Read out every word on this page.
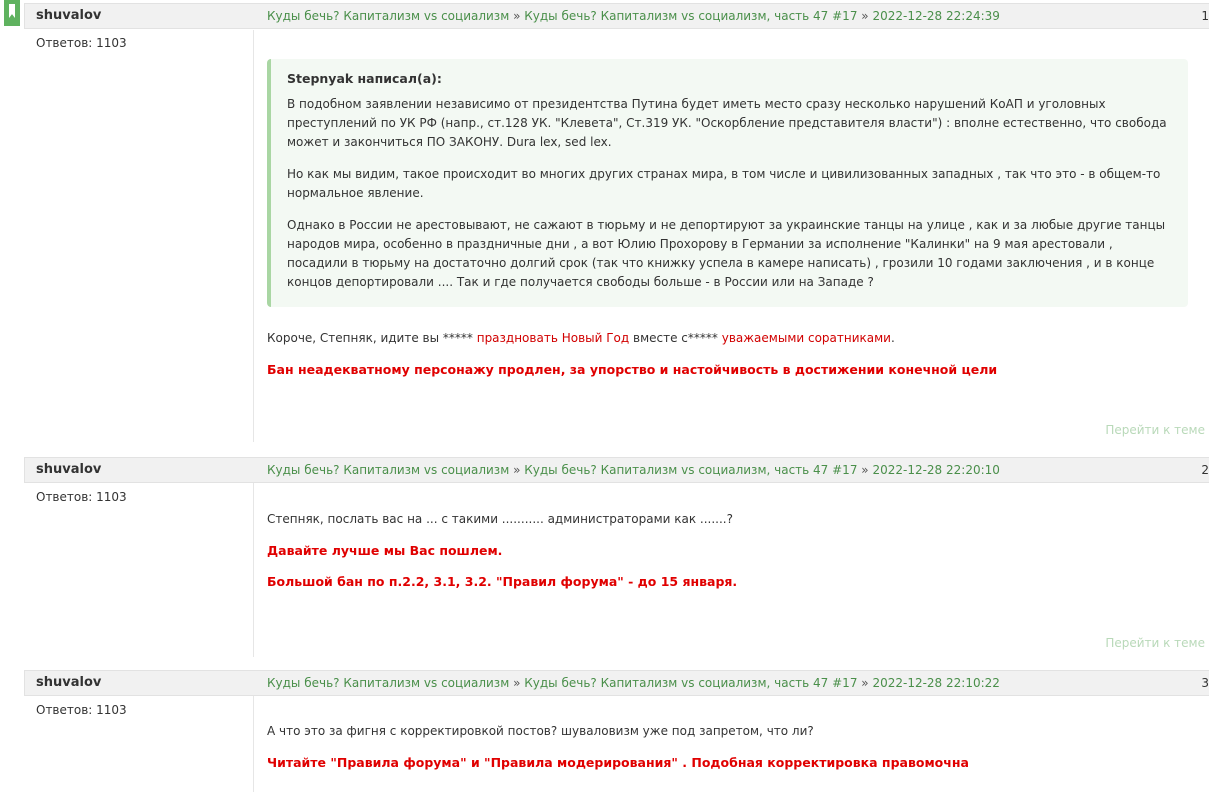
shuvalov	Куды бечь? Капитализм vs социализм » Куды бечь? Капитализм vs социализм, часть 47 #17 » 2022-12-28 22:24:39	1
Ответов: 1103
Stepnyak написал(а):

В подобном заявлении независимо от президентства Путина будет иметь место сразу несколько нарушений КоАП и уголовных преступлений по УК РФ (напр., ст.128 УК. "Клевета", Ст.319 УК. "Оскорбление представителя власти") : вполне естественно, что свобода может и закончиться ПО ЗАКОНУ. Dura lex, sed lex.

Но как мы видим, такое происходит во многих других странах мира, в том числе и цивилизованных западных , так что это - в общем-то нормальное явление.

Однако в России не арестовывают, не сажают в тюрьму и не депортируют за украинские танцы на улице , как и за любые другие танцы народов мира, особенно в праздничные дни , а вот Юлию Прохорову в Германии за исполнение "Калинки" на 9 мая арестовали , посадили в тюрьму на достаточно долгий срок (так что книжку успела в камере написать) , грозили 10 годами заключения , и в конце концов депортировали .... Так и где получается свободы больше - в России или на Западе ?

Короче, Степняк, идите вы ***** праздновать Новый Год вместе с***** уважаемыми соратниками.

Бан неадекватному персонажу продлен, за упорство и настойчивость в достижении конечной цели

Перейти к теме
shuvalov	Куды бечь? Капитализм vs социализм » Куды бечь? Капитализм vs социализм, часть 47 #17 » 2022-12-28 22:20:10	2
Ответов: 1103

Степняк, послать вас на ... с такими ........... администраторами как .......?

Давайте лучше мы Вас пошлем.

Большой бан по п.2.2, 3.1, 3.2. "Правил форума" - до 15 января.

Перейти к теме
shuvalov	Куды бечь? Капитализм vs социализм » Куды бечь? Капитализм vs социализм, часть 47 #17 » 2022-12-28 22:10:22	3
Ответов: 1103

А что это за фигня с корректировкой постов? шуваловизм уже под запретом, что ли?

Читайте "Правила форума" и "Правила модерирования" . Подобная корректировка правомочна
